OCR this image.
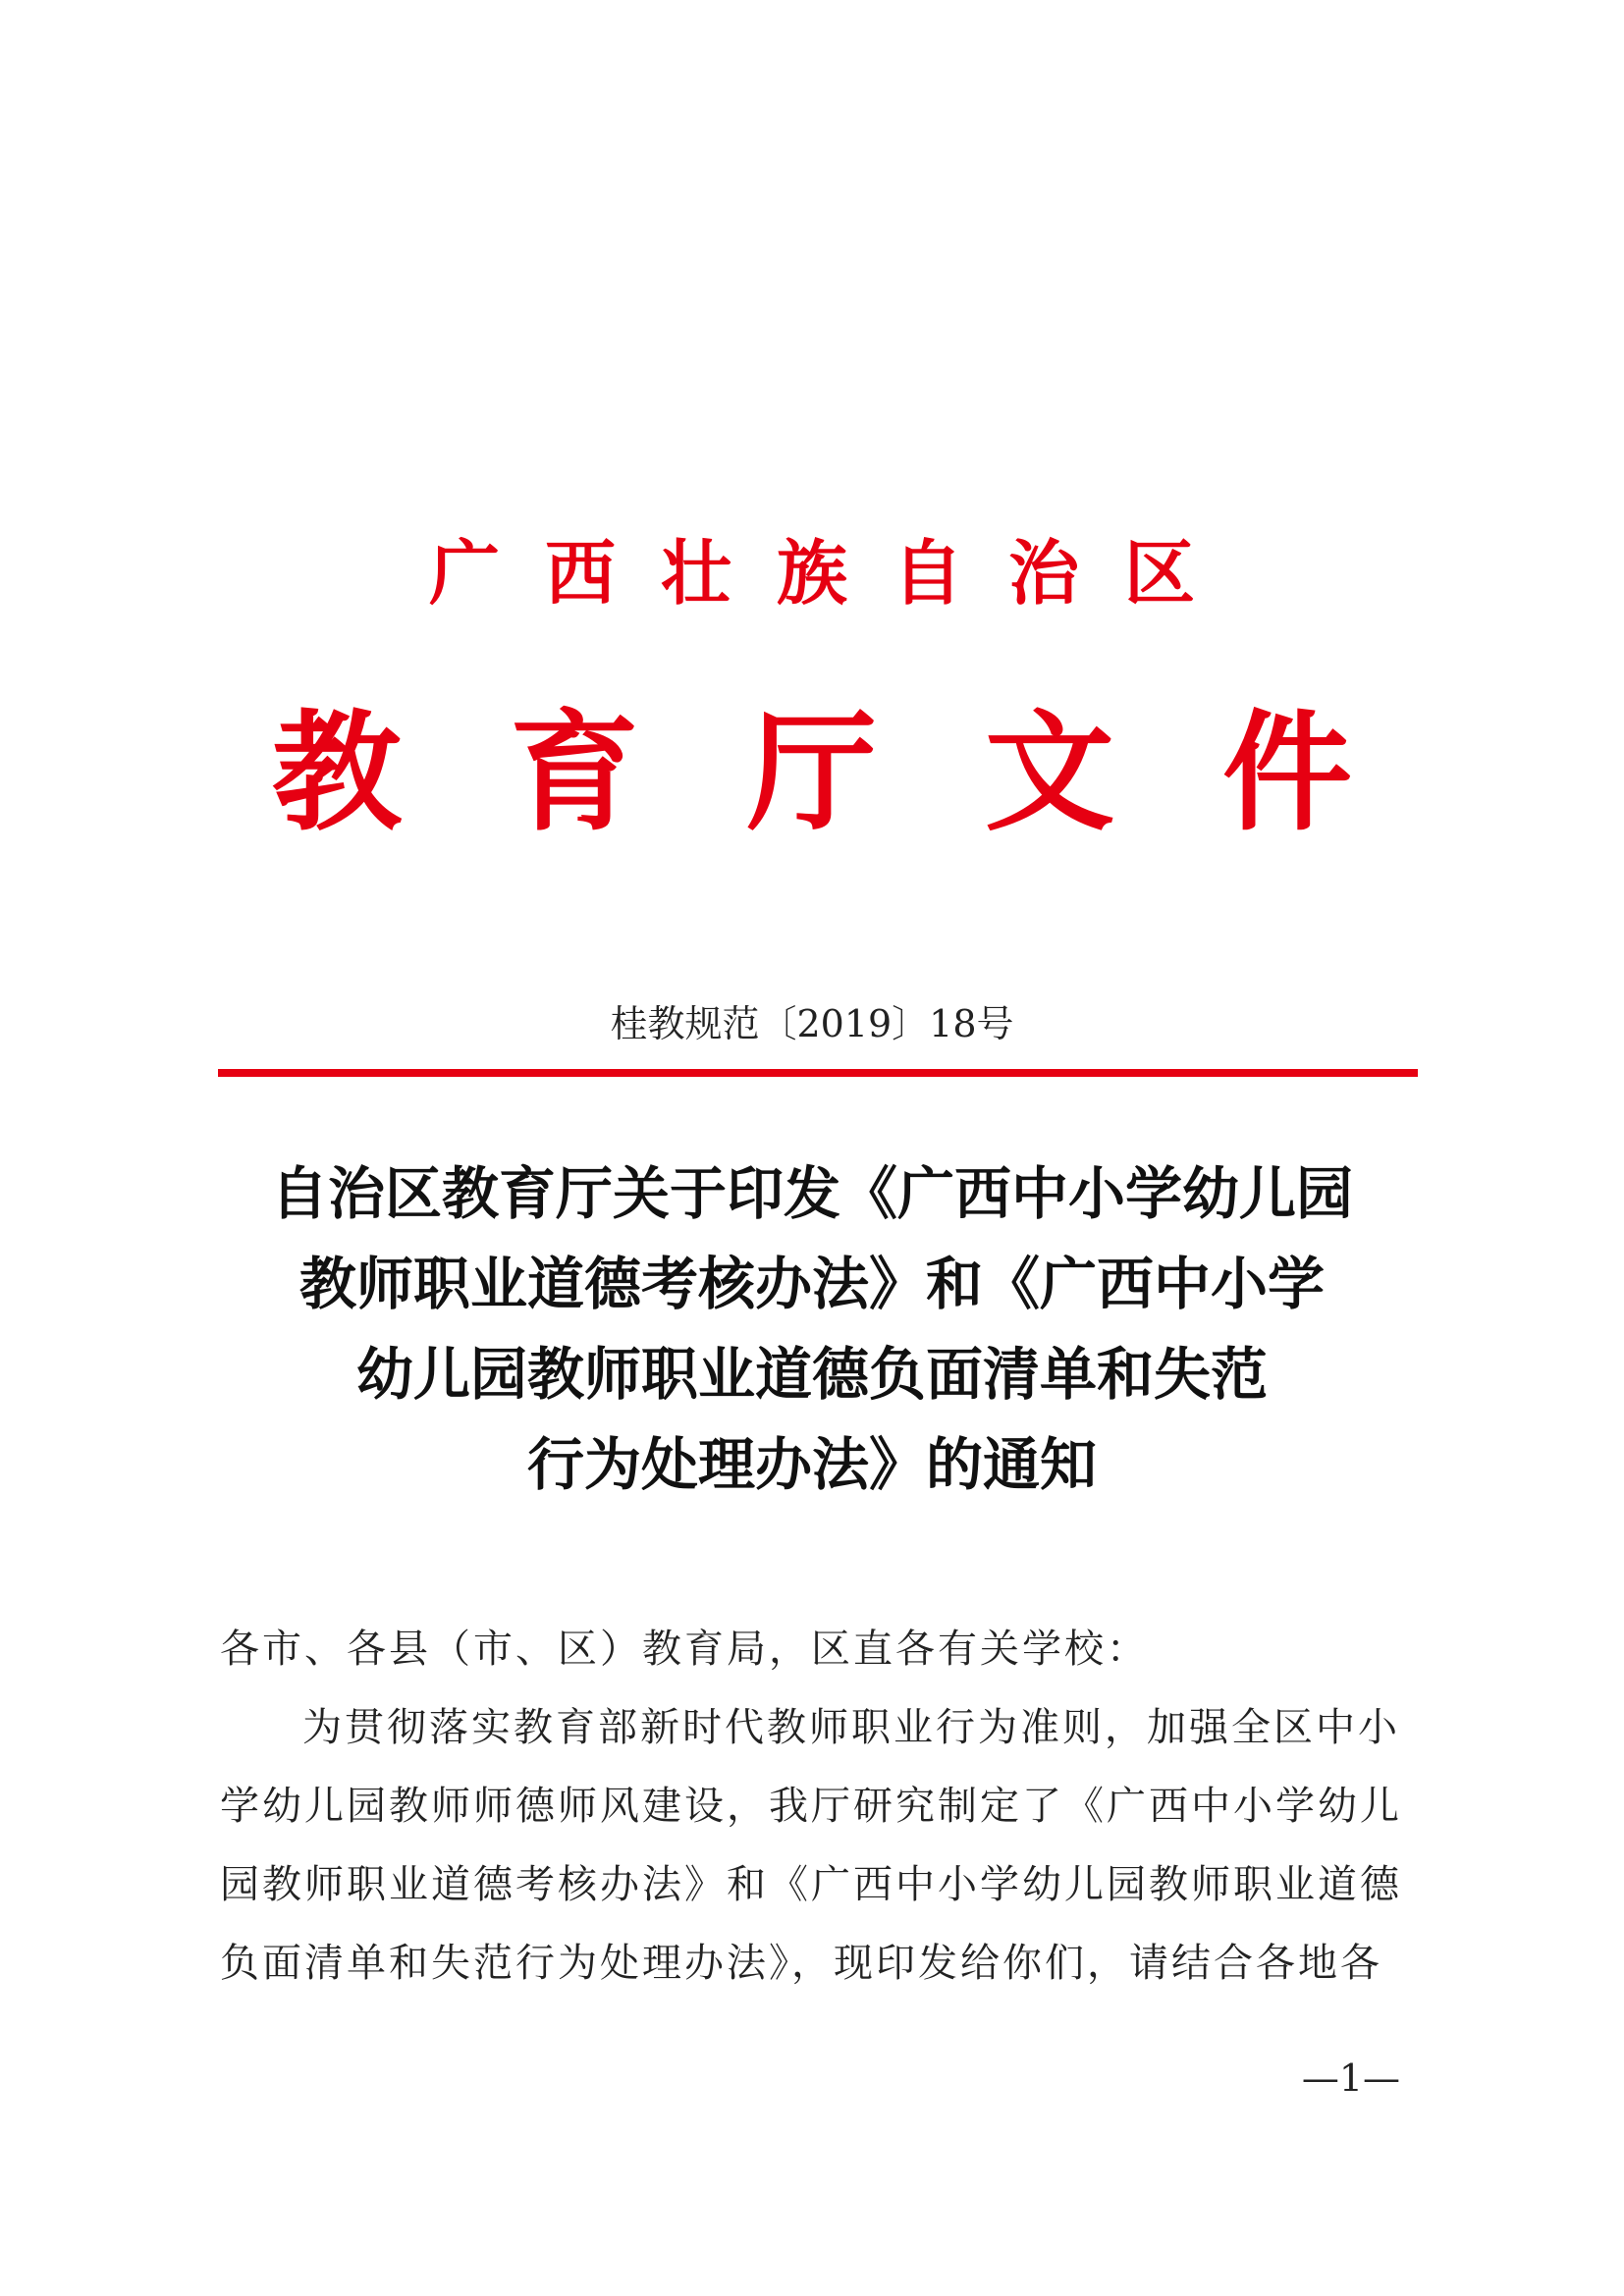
广西壮族自治区
教育厅文件
桂教规范〔2019〕18号
自治区教育厅关于印发《广西中小学幼儿园
教师职业道德考核办法》和《广西中小学
幼儿园教师职业道德负面清单和失范
行为处理办法》的通知
各市、各县（市、区）教育局，区直各有关学校：
为贯彻落实教育部新时代教师职业行为准则，加强全区中小
学幼儿园教师师德师风建设，我厅研究制定了《广西中小学幼儿
园教师职业道德考核办法》和《广西中小学幼儿园教师职业道德
负面清单和失范行为处理办法》，现印发给你们，请结合各地各
—1—
